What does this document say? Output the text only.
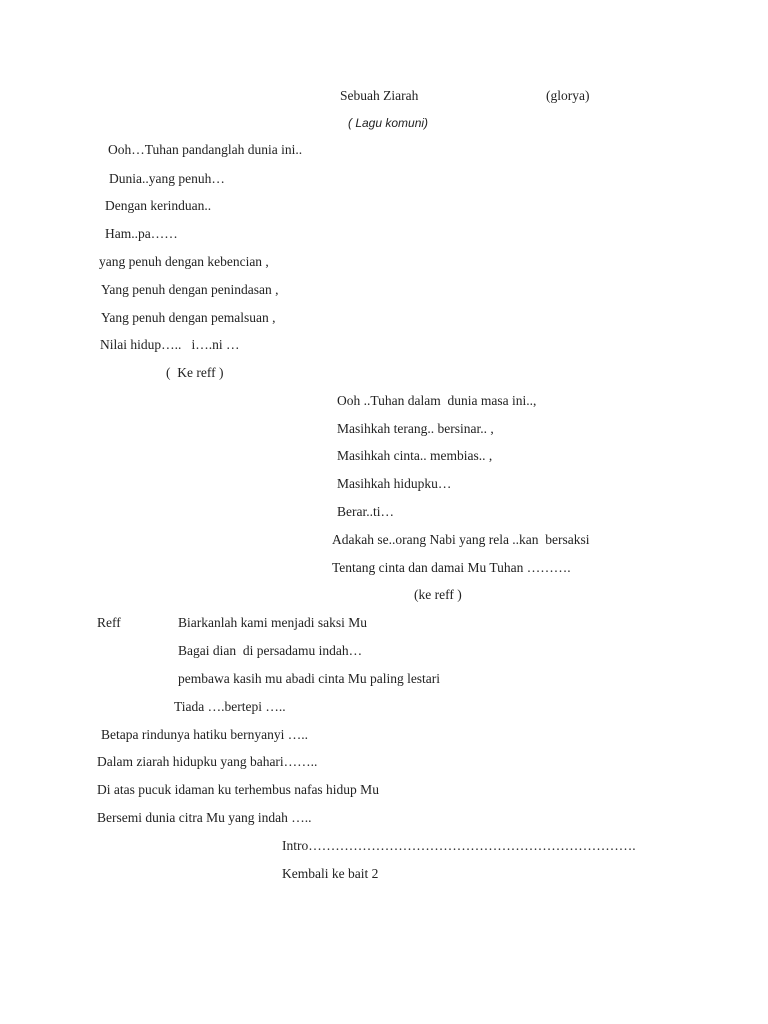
Sebuah Ziarah	(glorya)
( Lagu komuni)
Ooh…Tuhan pandanglah dunia ini..
Dunia..yang penuh…
Dengan kerinduan..
Ham..pa……
yang penuh dengan kebencian ,
Yang penuh dengan penindasan ,
Yang penuh dengan pemalsuan ,
Nilai hidup…..   i….ni …
(  Ke reff )
Ooh ..Tuhan dalam  dunia masa ini..,
Masihkah terang.. bersinar.. ,
Masihkah cinta.. membias.. ,
Masihkah hidupku…
Berar..ti…
Adakah se..orang Nabi yang rela ..kan  bersaksi
Tentang cinta dan damai Mu Tuhan ……….
(ke reff )
Reff	Biarkanlah kami menjadi saksi Mu
Bagai dian  di persadamu indah…
pembawa kasih mu abadi cinta Mu paling lestari
Tiada ….bertepi …..
Betapa rindunya hatiku bernyanyi …..
Dalam ziarah hidupku yang bahari……..
Di atas pucuk idaman ku terhembus nafas hidup Mu
Bersemi dunia citra Mu yang indah …..
Intro……………………………………………………………….
Kembali ke bait 2
